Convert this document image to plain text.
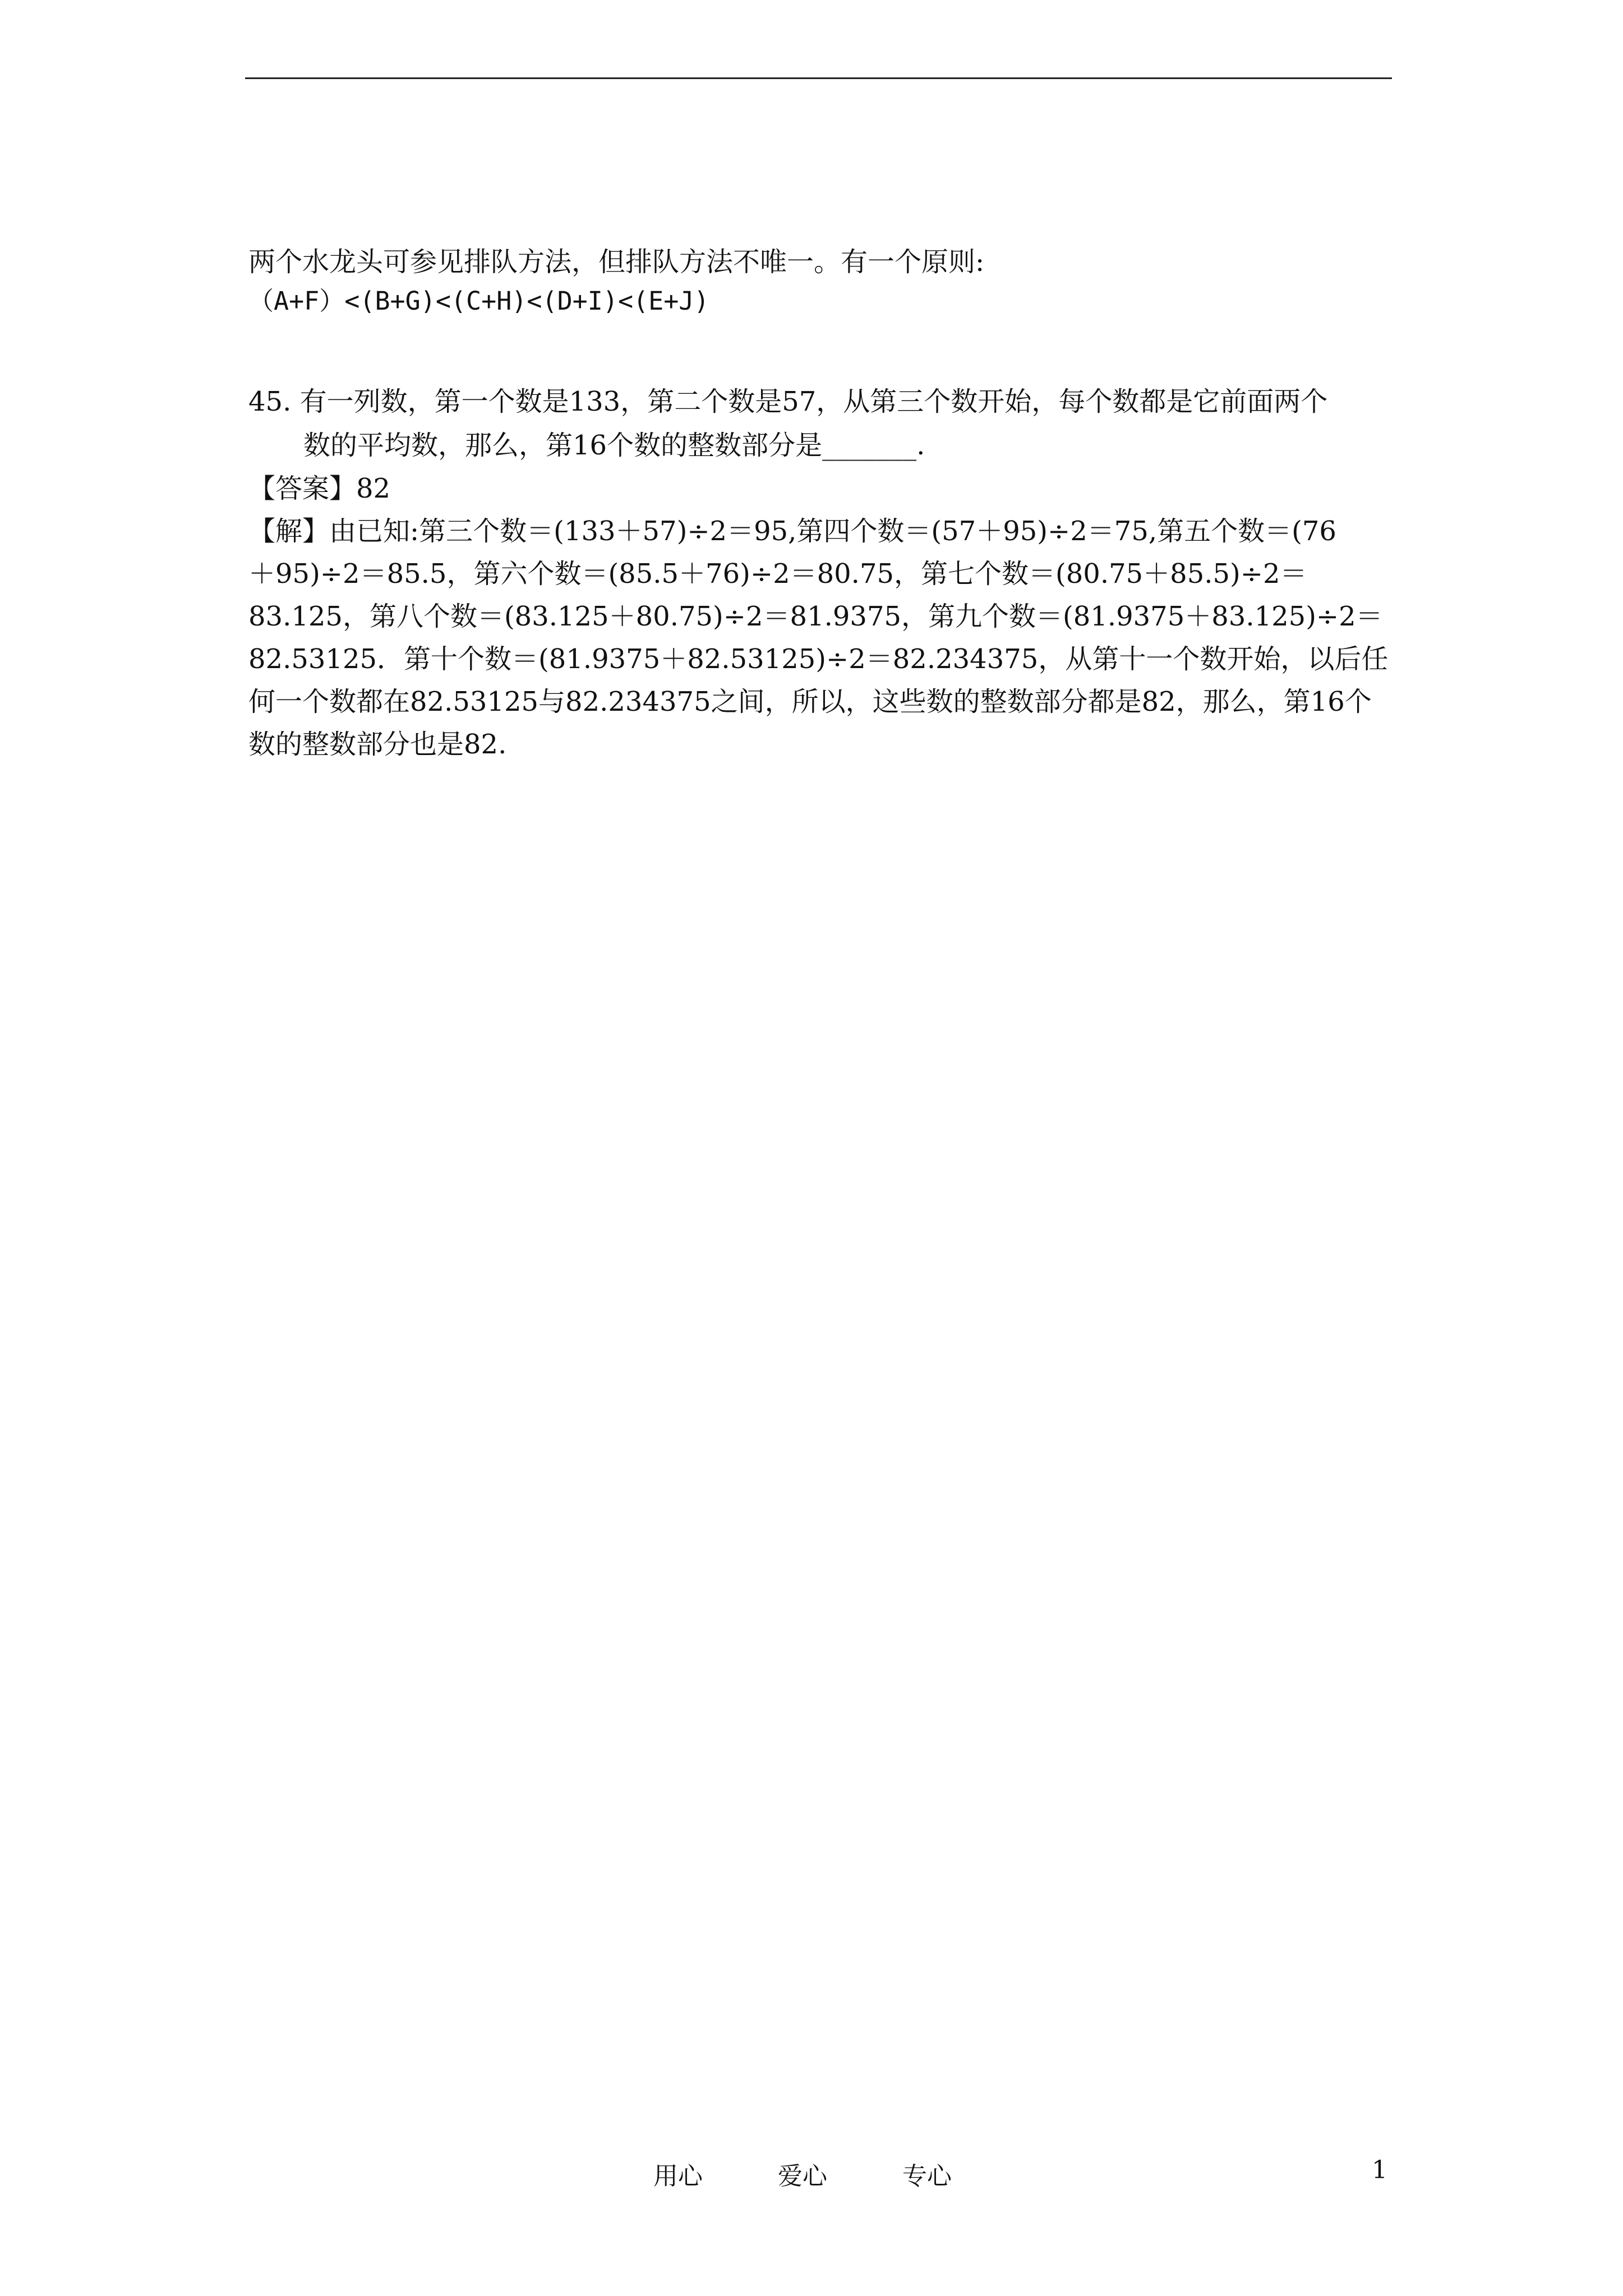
两个水龙头可参见排队方法，但排队方法不唯一。有一个原则:
（A+F）<(B+G)<(C+H)<(D+I)<(E+J)
45. 有一列数，第一个数是133，第二个数是57，从第三个数开始，每个数都是它前面两个
数的平均数，那么，第16个数的整数部分是_______.
【答案】82
【解】由已知:第三个数＝(133＋57)÷2＝95,第四个数＝(57＋95)÷2＝75,第五个数＝(76
＋95)÷2＝85.5，第六个数＝(85.5＋76)÷2＝80.75，第七个数＝(80.75＋85.5)÷2＝
83.125，第八个数＝(83.125＋80.75)÷2＝81.9375，第九个数＝(81.9375＋83.125)÷2＝
82.53125．第十个数＝(81.9375＋82.53125)÷2＝82.234375，从第十一个数开始，以后任
何一个数都在82.53125与82.234375之间，所以，这些数的整数部分都是82，那么，第16个
数的整数部分也是82.
用心	爱心	专心	1
